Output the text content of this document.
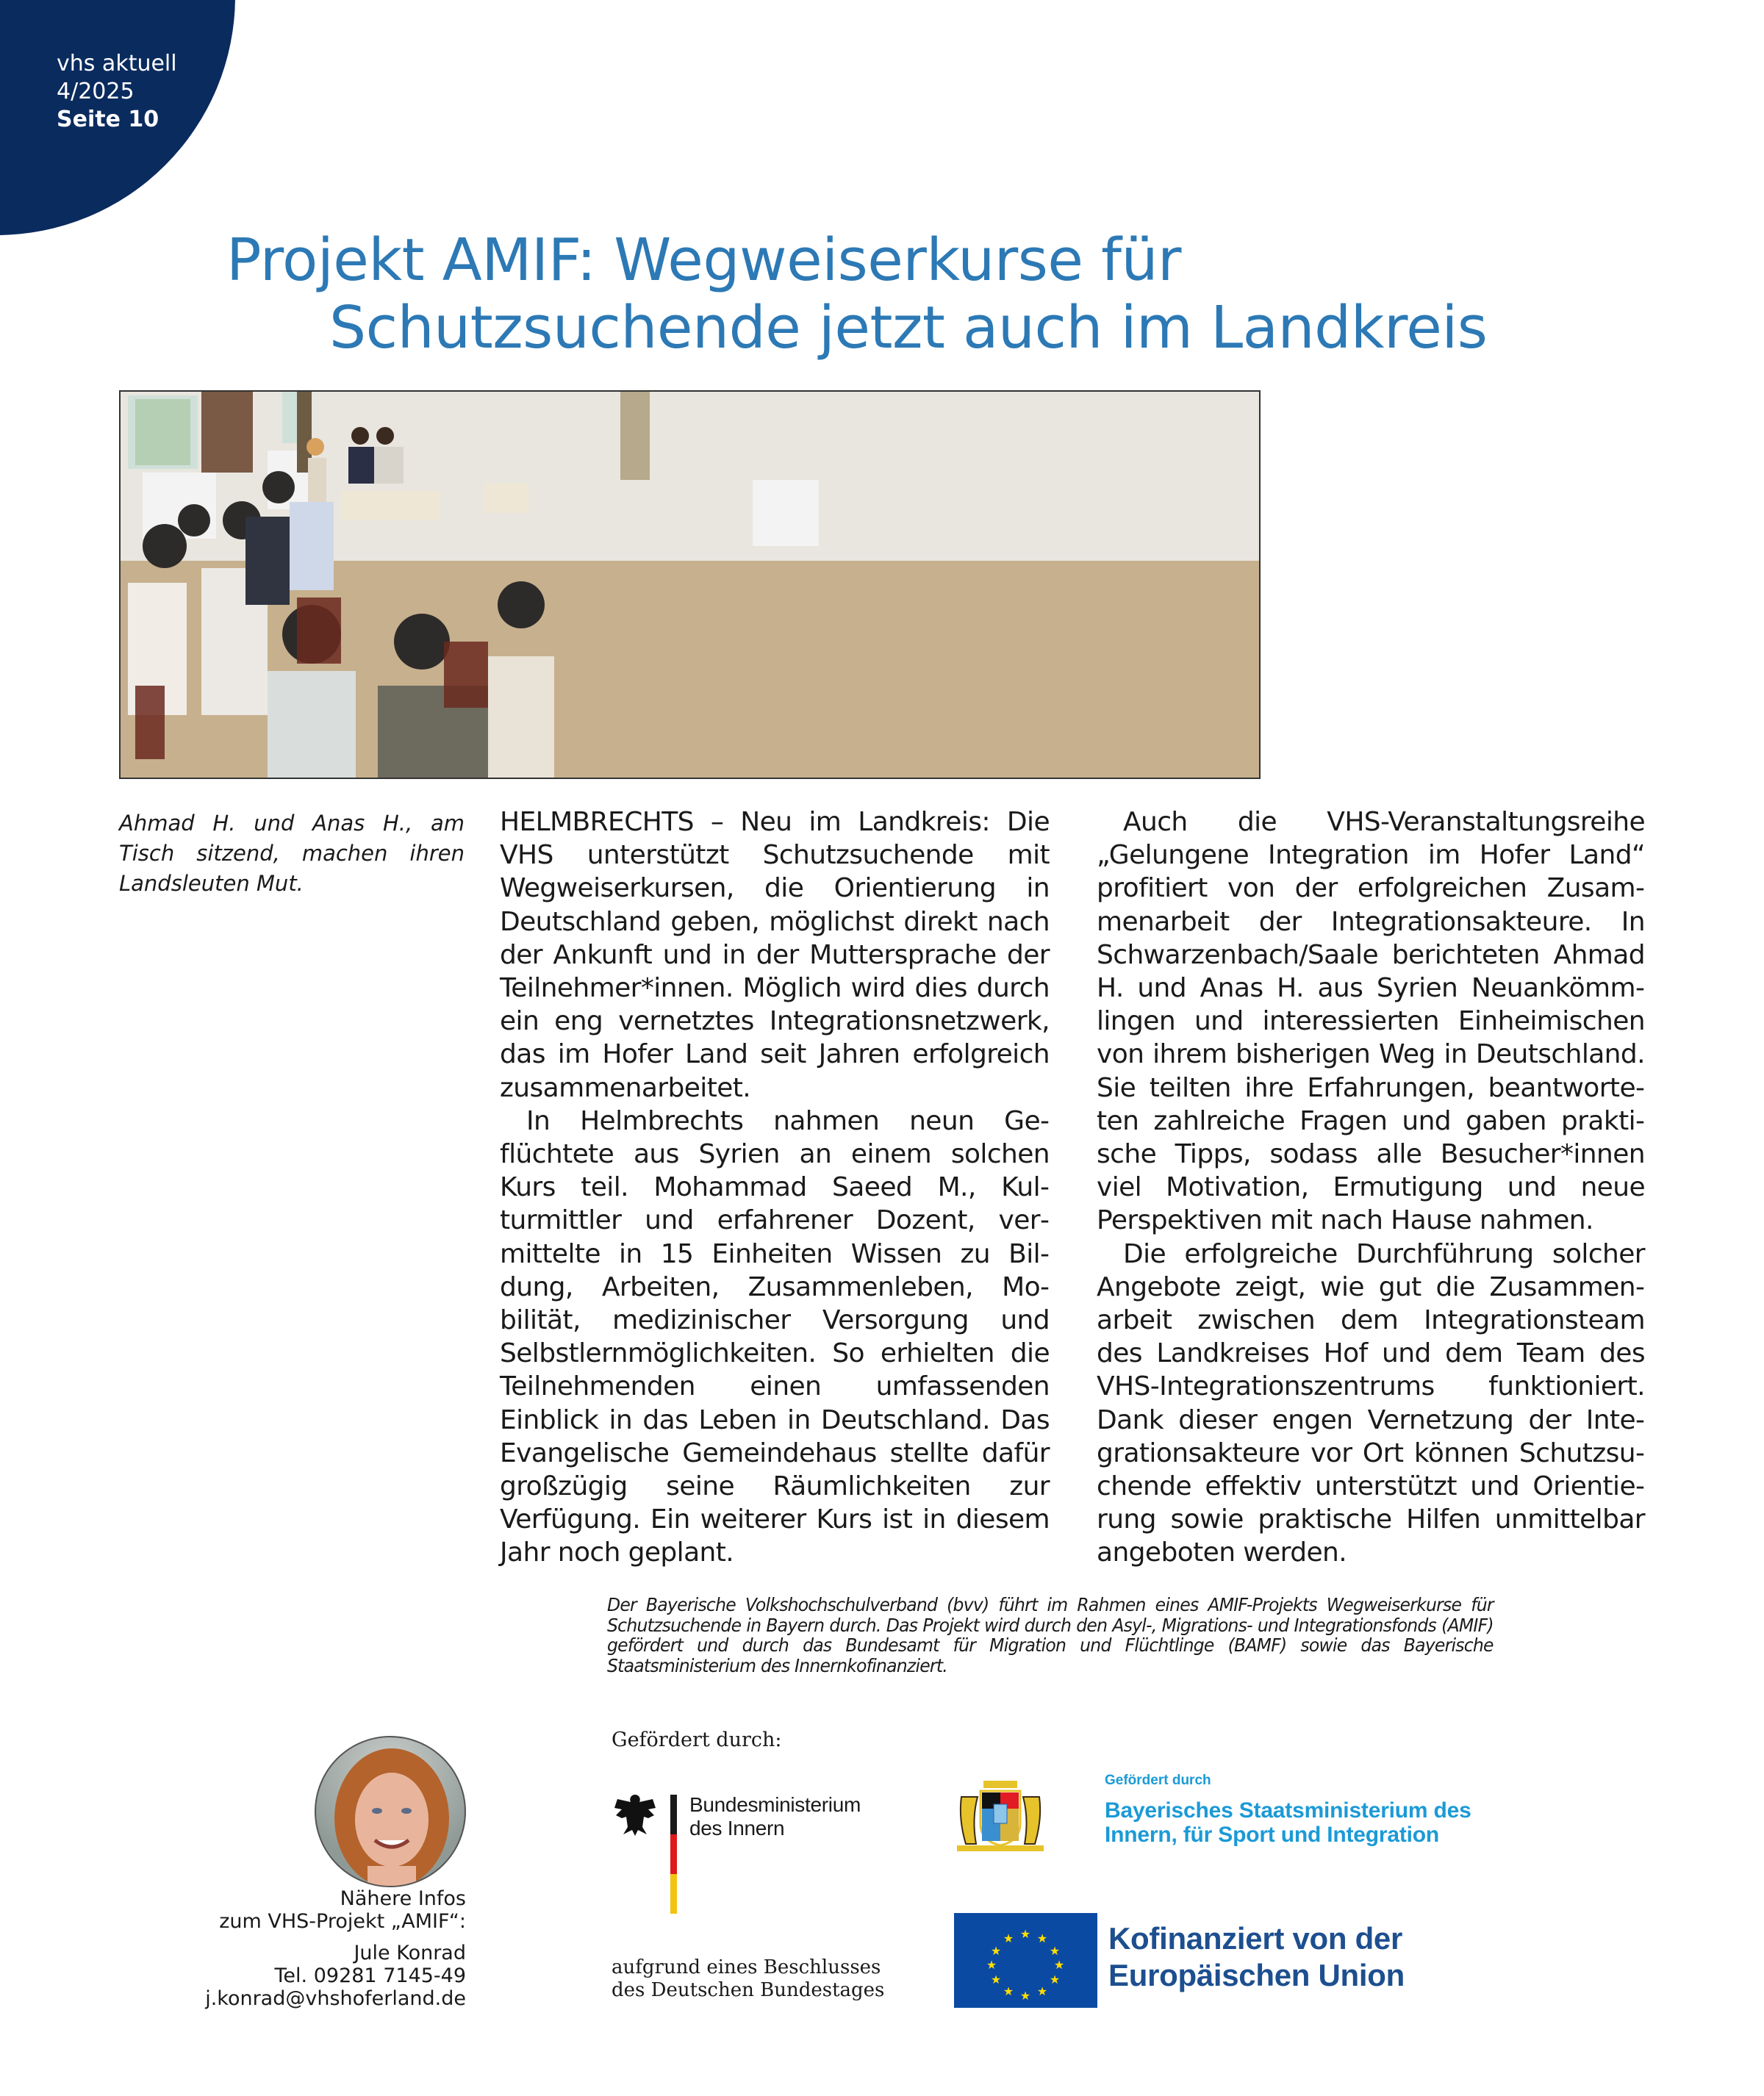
vhs aktuell
4/2025
Seite 10
Projekt AMIF: Wegweiserkurse für
Schutzsuchende jetzt auch im Landkreis
Ahmad H. und Anas H., am Tisch sitzend, machen ihren Landsleuten Mut.

HELMBRECHTS – Neu im Landkreis: Die VHS unterstützt Schutzsuchende mit Wegweiserkursen, die Orientierung in Deutschland geben, möglichst direkt nach der Ankunft und in der Muttersprache der Teilnehmer*innen. Möglich wird dies durch ein eng vernetztes Integrationsnetzwerk, das im Hofer Land seit Jahren erfolgreich zusammenarbeitet.

In Helmbrechts nahmen neun Geflüchtete aus Syrien an einem solchen Kurs teil. Mohammad Saeed M., Kulturmittler und erfahrener Dozent, vermittelte in 15 Einheiten Wissen zu Bildung, Arbeiten, Zusammenleben, Mobilität, medizinischer Versorgung und Selbstlernmöglichkeiten. So erhielten die Teilnehmenden einen umfassenden Einblick in das Leben in Deutschland. Das Evangelische Gemeindehaus stellte dafür großzügig seine Räumlichkeiten zur Verfügung. Ein weiterer Kurs ist in diesem Jahr noch geplant.

Auch die VHS-Veranstaltungsreihe „Gelungene Integration im Hofer Land“ profitiert von der erfolgreichen Zusammenarbeit der Integrationsakteure. In Schwarzenbach/Saale berichteten Ahmad H. und Anas H. aus Syrien Neuankömmlingen und interessierten Einheimischen von ihrem bisherigen Weg in Deutschland. Sie teilten ihre Erfahrungen, beantworteten zahlreiche Fragen und gaben praktische Tipps, sodass alle Besucher*innen viel Motivation, Ermutigung und neue Perspektiven mit nach Hause nahmen.

Die erfolgreiche Durchführung solcher Angebote zeigt, wie gut die Zusammenarbeit zwischen dem Integrationsteam des Landkreises Hof und dem Team des VHS-Integrationszentrums funktioniert. Dank dieser engen Vernetzung der Integrationsakteure vor Ort können Schutzsuchende effektiv unterstützt und Orientierung sowie praktische Hilfen unmittelbar angeboten werden.

Der Bayerische Volkshochschulverband (bvv) führt im Rahmen eines AMIF-Projekts Wegweiserkurse für Schutzsuchende in Bayern durch. Das Projekt wird durch den Asyl-, Migrations- und Integrationsfonds (AMIF) gefördert und durch das Bundesamt für Migration und Flüchtlinge (BAMF) sowie das Bayerische Staatsministerium des Innernkofinanziert.
Nähere Infos
zum VHS-Projekt „AMIF“:
Jule Konrad
Tel. 09281 7145-49
j.konrad@vhshoferland.de
Gefördert durch:
Bundesministerium
des Innern
aufgrund eines Beschlusses
des Deutschen Bundestages
Gefördert durch
Bayerisches Staatsministerium des
Innern, für Sport und Integration
★ ★
★
★
★
★
★
★
★
★
★
★	Kofinanziert von der
Europäischen Union
